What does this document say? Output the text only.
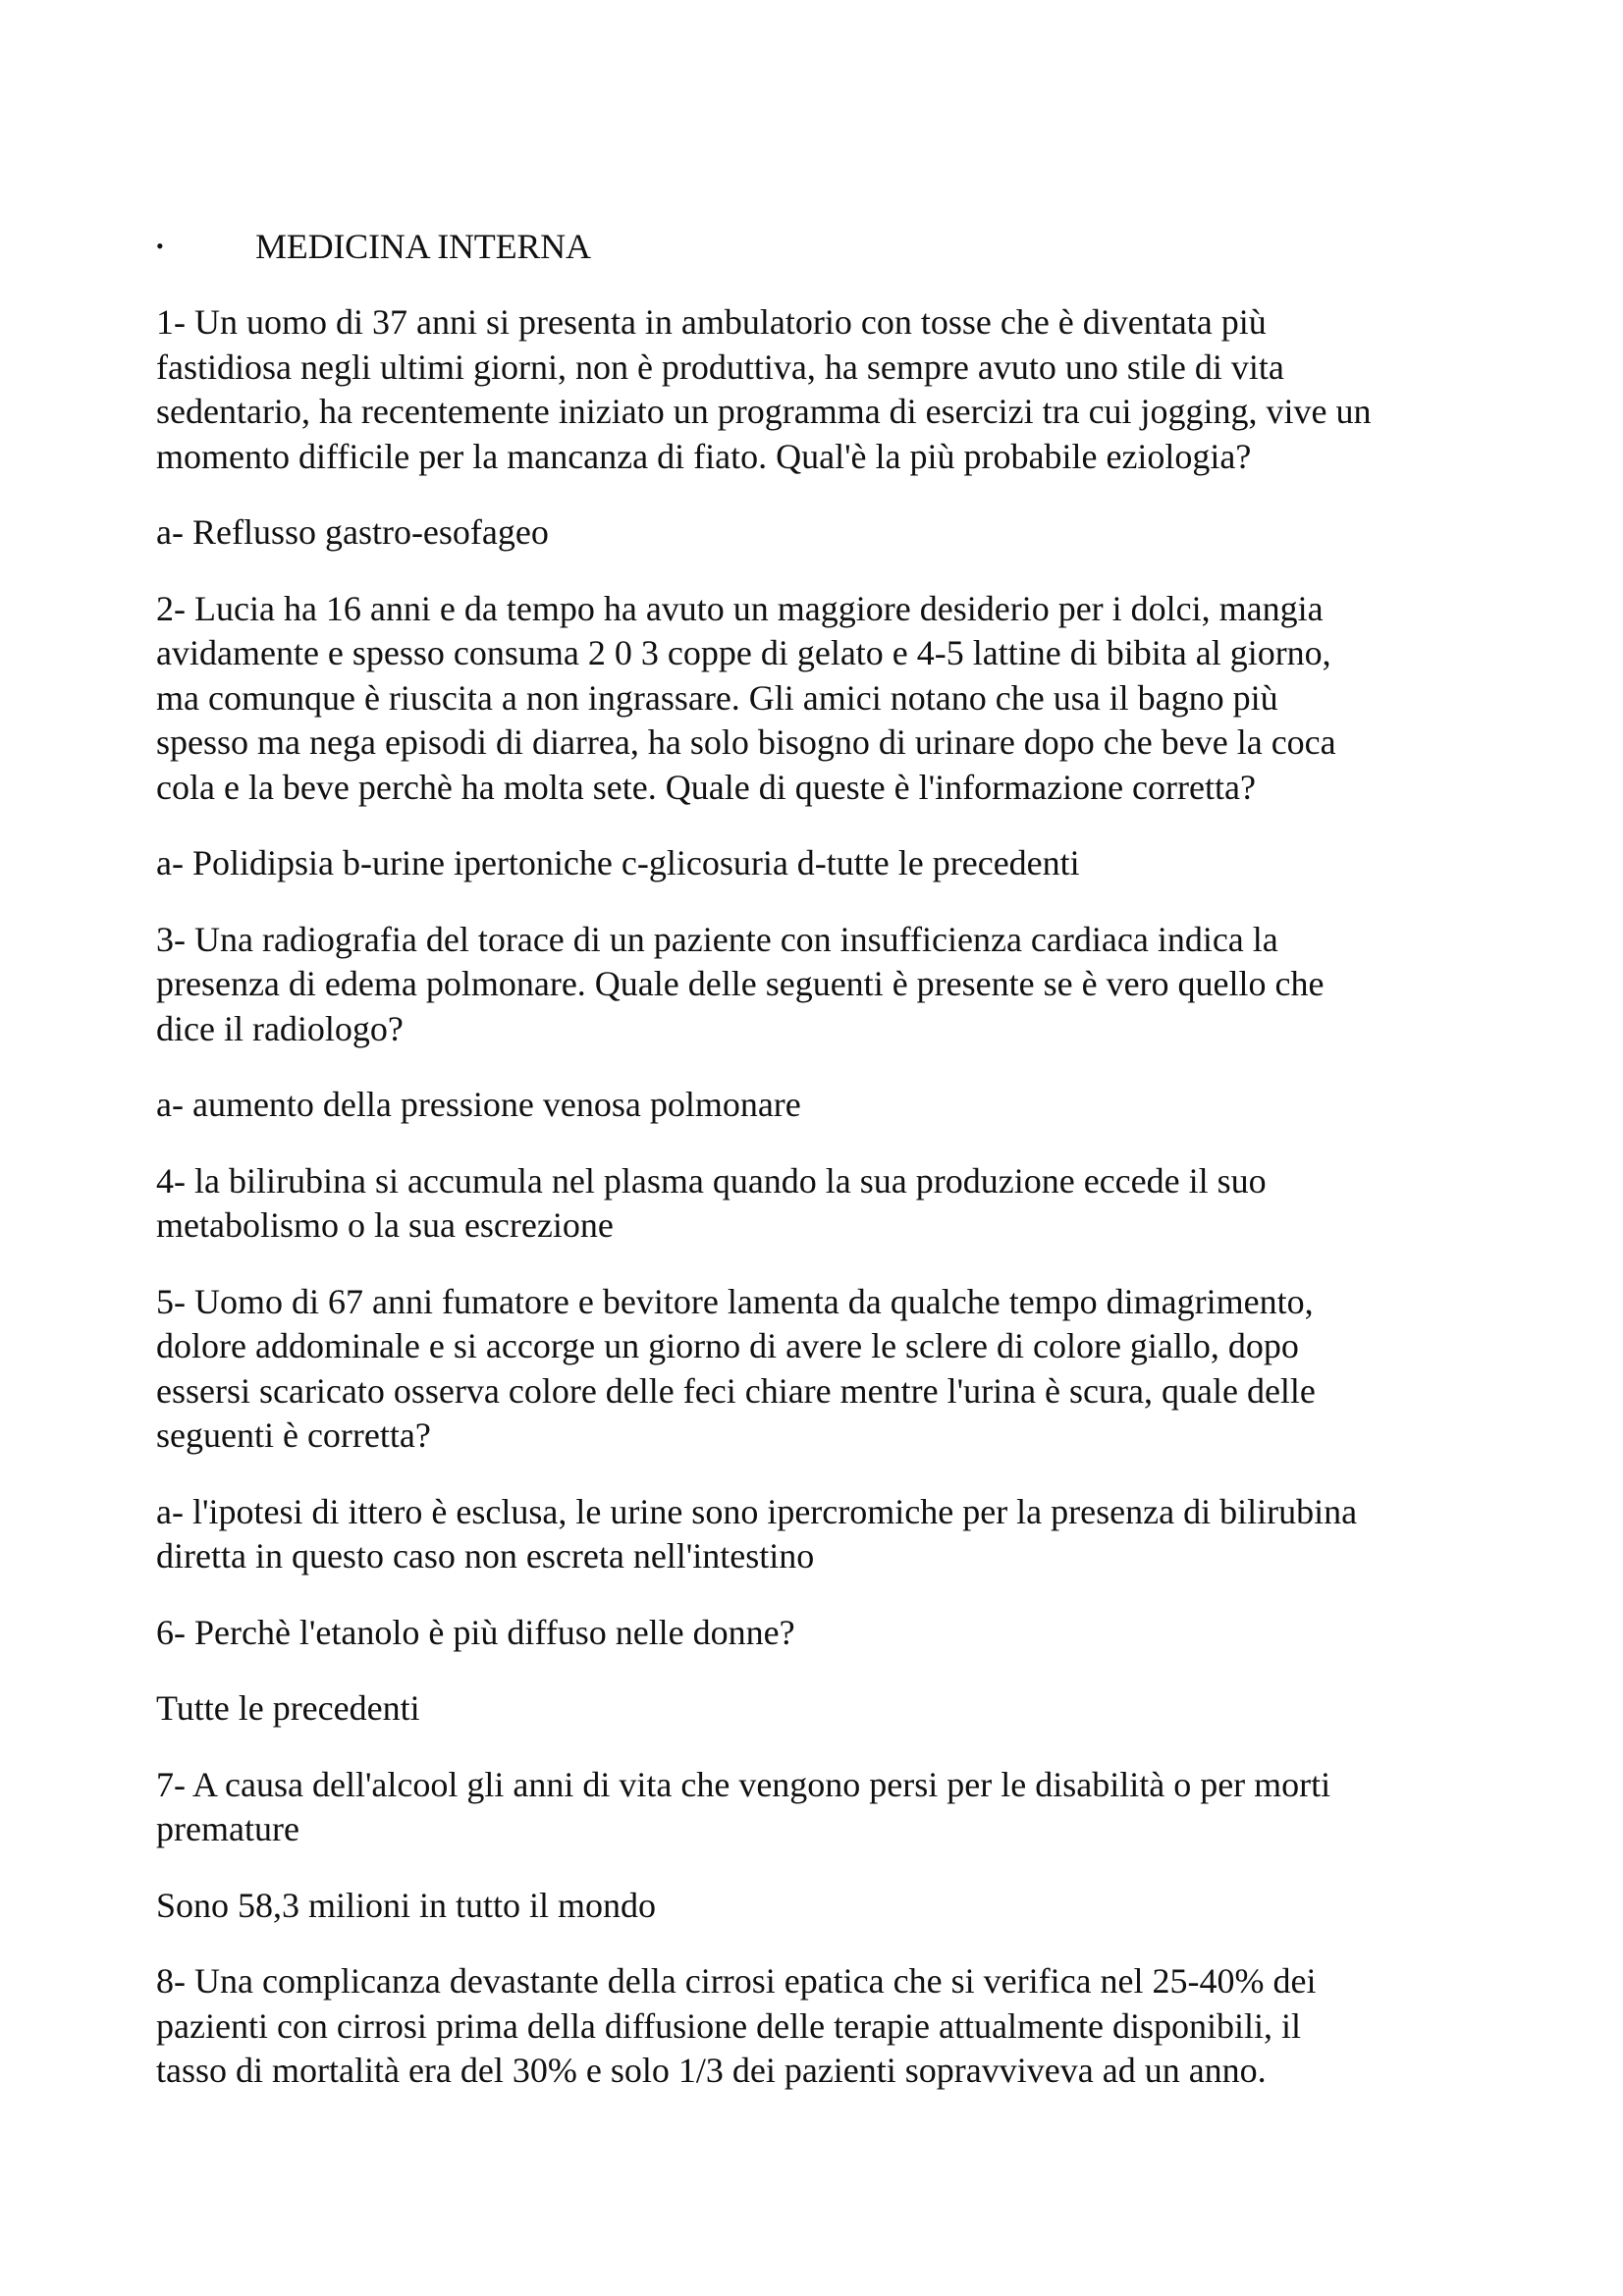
•	MEDICINA INTERNA

1- Un uomo di 37 anni si presenta in ambulatorio con tosse che è diventata più
fastidiosa negli ultimi giorni, non è produttiva, ha sempre avuto uno stile di vita
sedentario, ha recentemente iniziato un programma di esercizi tra cui jogging, vive un
momento difficile per la mancanza di fiato. Qual'è la più probabile eziologia?

a- Reflusso gastro-esofageo

2- Lucia ha 16 anni e da tempo ha avuto un maggiore desiderio per i dolci, mangia
avidamente e spesso consuma 2 0 3 coppe di gelato e 4-5 lattine di bibita al giorno,
ma comunque è riuscita a non ingrassare. Gli amici notano che usa il bagno più
spesso ma nega episodi di diarrea, ha solo bisogno di urinare dopo che beve la coca
cola e la beve perchè ha molta sete. Quale di queste è l'informazione corretta?

a- Polidipsia b-urine ipertoniche c-glicosuria d-tutte le precedenti

3- Una radiografia del torace di un paziente con insufficienza cardiaca indica la
presenza di edema polmonare. Quale delle seguenti è presente se è vero quello che
dice il radiologo?

a- aumento della pressione venosa polmonare

4- la bilirubina si accumula nel plasma quando la sua produzione eccede il suo
metabolismo o la sua escrezione

5- Uomo di 67 anni fumatore e bevitore lamenta da qualche tempo dimagrimento,
dolore addominale e si accorge un giorno di avere le sclere di colore giallo, dopo
essersi scaricato osserva colore delle feci chiare mentre l'urina è scura, quale delle
seguenti è corretta?

a- l'ipotesi di ittero è esclusa, le urine sono ipercromiche per la presenza di bilirubina
diretta in questo caso non escreta nell'intestino

6- Perchè l'etanolo è più diffuso nelle donne?

Tutte le precedenti

7- A causa dell'alcool gli anni di vita che vengono persi per le disabilità o per morti
premature

Sono 58,3 milioni in tutto il mondo

8- Una complicanza devastante della cirrosi epatica che si verifica nel 25-40% dei
pazienti con cirrosi prima della diffusione delle terapie attualmente disponibili, il
tasso di mortalità era del 30% e solo 1/3 dei pazienti sopravviveva ad un anno.
